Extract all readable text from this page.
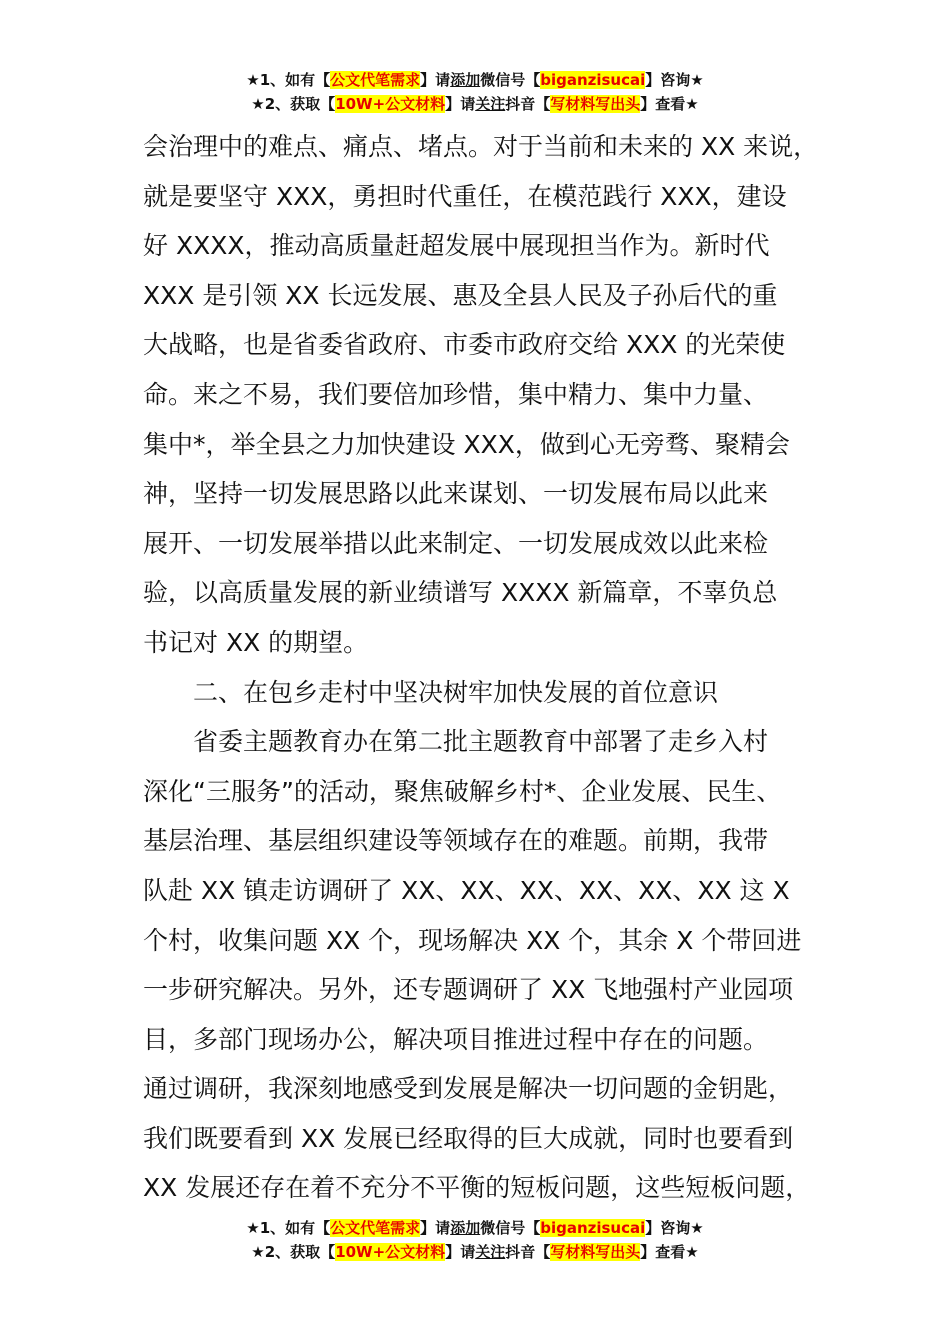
★1、如有【公文代笔需求】请添加微信号【biganzisucai】咨询★
★2、获取【10W+公文材料】请关注抖音【写材料写出头】查看★
会治理中的难点、痛点、堵点。对于当前和未来的 XX 来说，
就是要坚守 XXX，勇担时代重任，在模范践行 XXX，建设
好 XXXX，推动高质量赶超发展中展现担当作为。新时代
XXX 是引领 XX 长远发展、惠及全县人民及子孙后代的重
大战略，也是省委省政府、市委市政府交给 XXX 的光荣使
命。来之不易，我们要倍加珍惜，集中精力、集中力量、
集中*，举全县之力加快建设 XXX，做到心无旁骛、聚精会
神，坚持一切发展思路以此来谋划、一切发展布局以此来
展开、一切发展举措以此来制定、一切发展成效以此来检
验，以高质量发展的新业绩谱写 XXXX 新篇章，不辜负总
书记对 XX 的期望。
二、在包乡走村中坚决树牢加快发展的首位意识
省委主题教育办在第二批主题教育中部署了走乡入村
深化“三服务”的活动，聚焦破解乡村*、企业发展、民生、
基层治理、基层组织建设等领域存在的难题。前期，我带
队赴 XX 镇走访调研了 XX、XX、XX、XX、XX、XX 这 X
个村，收集问题 XX 个，现场解决 XX 个，其余 X 个带回进
一步研究解决。另外，还专题调研了 XX 飞地强村产业园项
目，多部门现场办公，解决项目推进过程中存在的问题。
通过调研，我深刻地感受到发展是解决一切问题的金钥匙，
我们既要看到 XX 发展已经取得的巨大成就，同时也要看到
XX 发展还存在着不充分不平衡的短板问题，这些短板问题，
★1、如有【公文代笔需求】请添加微信号【biganzisucai】咨询★
★2、获取【10W+公文材料】请关注抖音【写材料写出头】查看★
